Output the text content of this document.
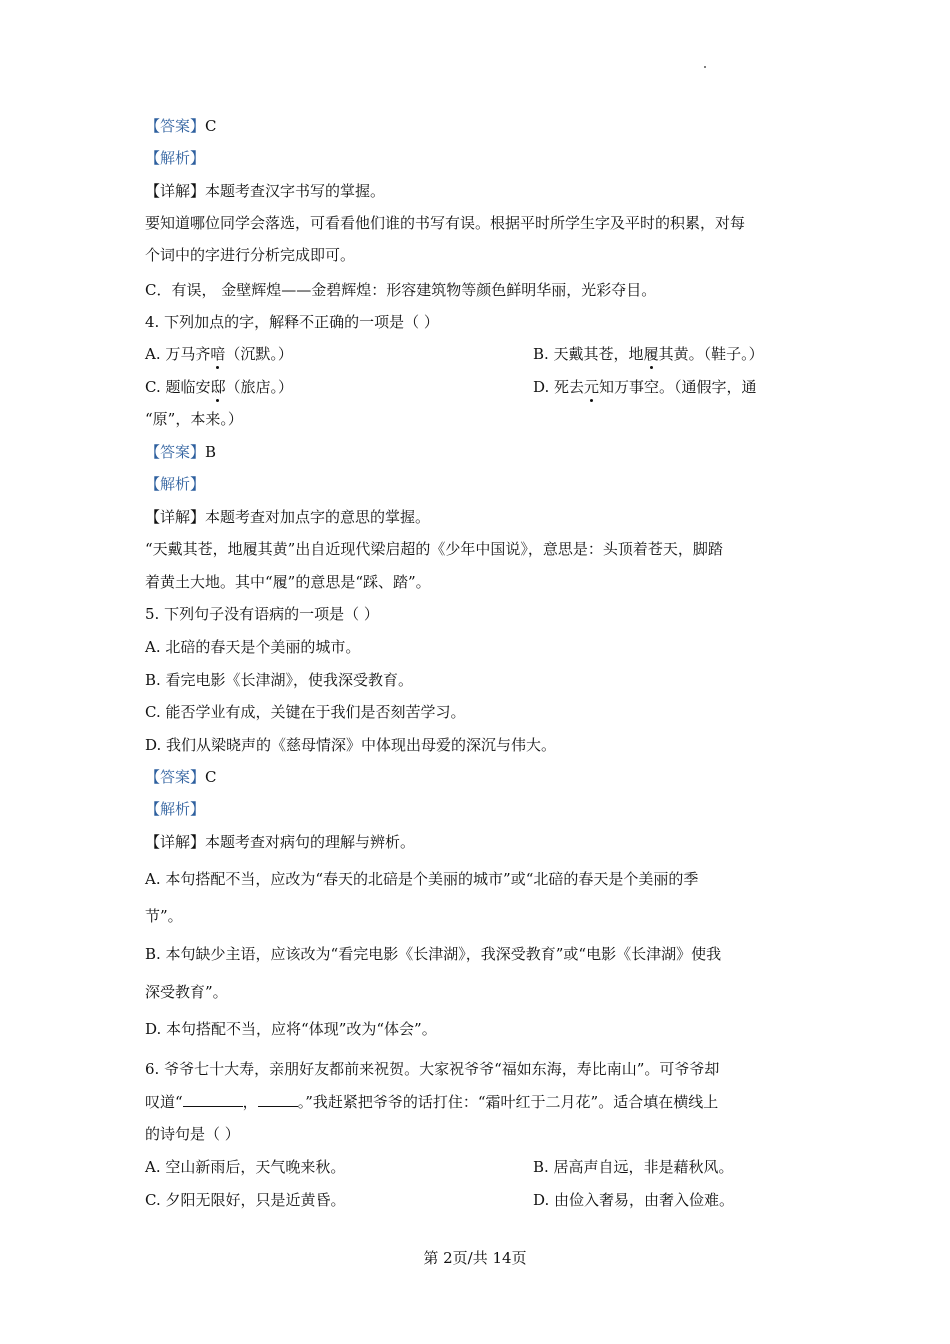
【答案】C
【解析】
【详解】本题考查汉字书写的掌握。
要知道哪位同学会落选，可看看他们谁的书写有误。根据平时所学生字及平时的积累，对每
个词中的字进行分析完成即可。
C．有误， 金壁辉煌——金碧辉煌：形容建筑物等颜色鲜明华丽，光彩夺目。
4. 下列加点的字，解释不正确的一项是（ ）
A. 万马齐喑（沉默。）	B. 天戴其苍，地履其黄。（鞋子。）
C. 题临安邸（旅店。）	D. 死去元知万事空。（通假字，通
“原”，本来。）
【答案】B
【解析】
【详解】本题考查对加点字的意思的掌握。
“天戴其苍，地履其黄”出自近现代梁启超的《少年中国说》，意思是：头顶着苍天，脚踏
着黄土大地。其中“履”的意思是“踩、踏”。
5. 下列句子没有语病的一项是（ ）
A. 北碚的春天是个美丽的城市。
B. 看完电影《长津湖》，使我深受教育。
C. 能否学业有成，关键在于我们是否刻苦学习。
D. 我们从梁晓声的《慈母情深》中体现出母爱的深沉与伟大。
【答案】C
【解析】
【详解】本题考查对病句的理解与辨析。
A. 本句搭配不当，应改为“春天的北碚是个美丽的城市”或“北碚的春天是个美丽的季
节”。
B. 本句缺少主语，应该改为“看完电影《长津湖》，我深受教育”或“电影《长津湖》使我
深受教育”。
D. 本句搭配不当，应将“体现”改为“体会”。
6. 爷爷七十大寿，亲朋好友都前来祝贺。大家祝爷爷“福如东海，寿比南山”。可爷爷却
叹道“	，	。”我赶紧把爷爷的话打住：“霜叶红于二月花”。适合填在横线上
的诗句是（ ）
A. 空山新雨后，天气晚来秋。	B. 居高声自远，非是藉秋风。
C. 夕阳无限好，只是近黄昏。	D. 由俭入奢易，由奢入俭难。
第 2页/共 14页
